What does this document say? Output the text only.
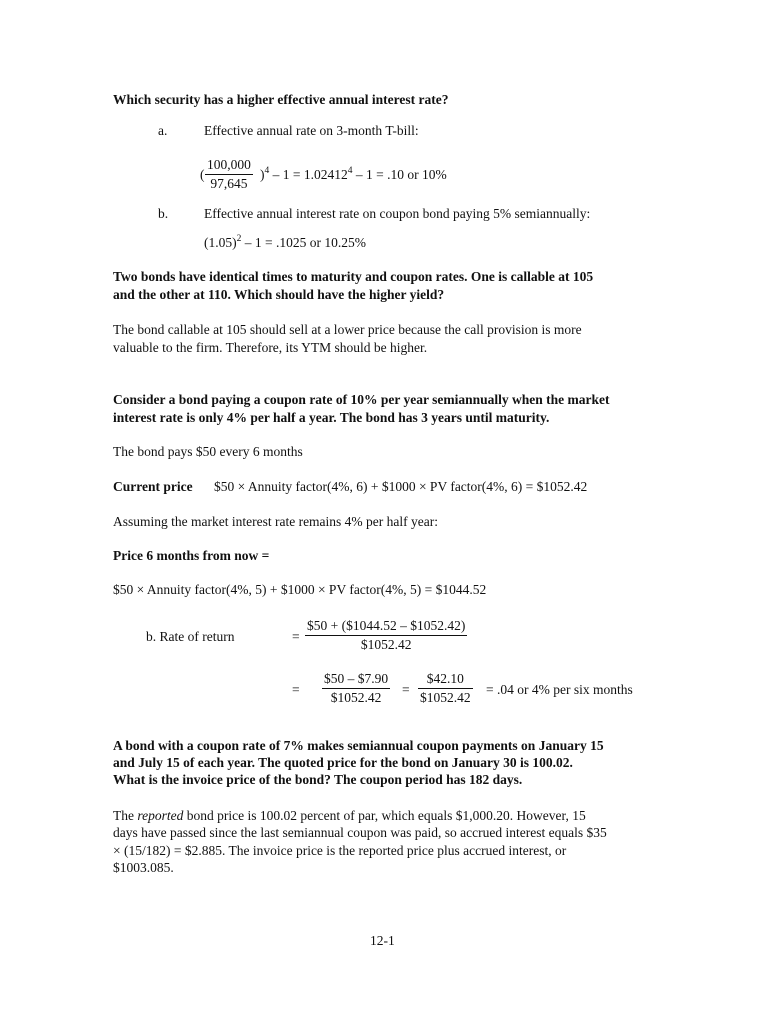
Which security has a higher effective annual interest rate?
a.	Effective annual rate on 3-month T-bill:
( $\frac{100,000}{97,645} )^4 - 1 = 1.02412^4 - 1 = .10$ or 10%
b.	Effective annual interest rate on coupon bond paying 5% semiannually:
$(1.05)^2 - 1 = .1025$ or 10.25%
Two bonds have identical times to maturity and coupon rates. One is callable at 105
and the other at 110. Which should have the higher yield?
The bond callable at 105 should sell at a lower price because the call provision is more
valuable to the firm. Therefore, its YTM should be higher.
Consider a bond paying a coupon rate of 10% per year semiannually when the market
interest rate is only 4% per half a year. The bond has 3 years until maturity.
The bond pays $50 every 6 months
Current price $50 × Annuity factor(4%, 6) + $1000 × PV factor(4%, 6) = $1052.42
Assuming the market interest rate remains 4% per half year:
Price 6 months from now =
$50 × Annuity factor(4%, 5) + $1000 × PV factor(4%, 5) = $1044.52
b. Rate of return	= $\frac{\$50 + (\$1044.52 - \$1052.42)}{\$1052.42}$
= $\frac{\$50 - \$7.90}{\$1052.42} = \frac{\$42.10}{\$1052.42} = .04$ or 4% per six months
A bond with a coupon rate of 7% makes semiannual coupon payments on January 15
and July 15 of each year. The quoted price for the bond on January 30 is 100.02.
What is the invoice price of the bond? The coupon period has 182 days.
The reported bond price is 100.02 percent of par, which equals $1,000.20. However, 15
days have passed since the last semiannual coupon was paid, so accrued interest equals $35
× (15/182) = $2.885. The invoice price is the reported price plus accrued interest, or
$1003.085.
12-1
